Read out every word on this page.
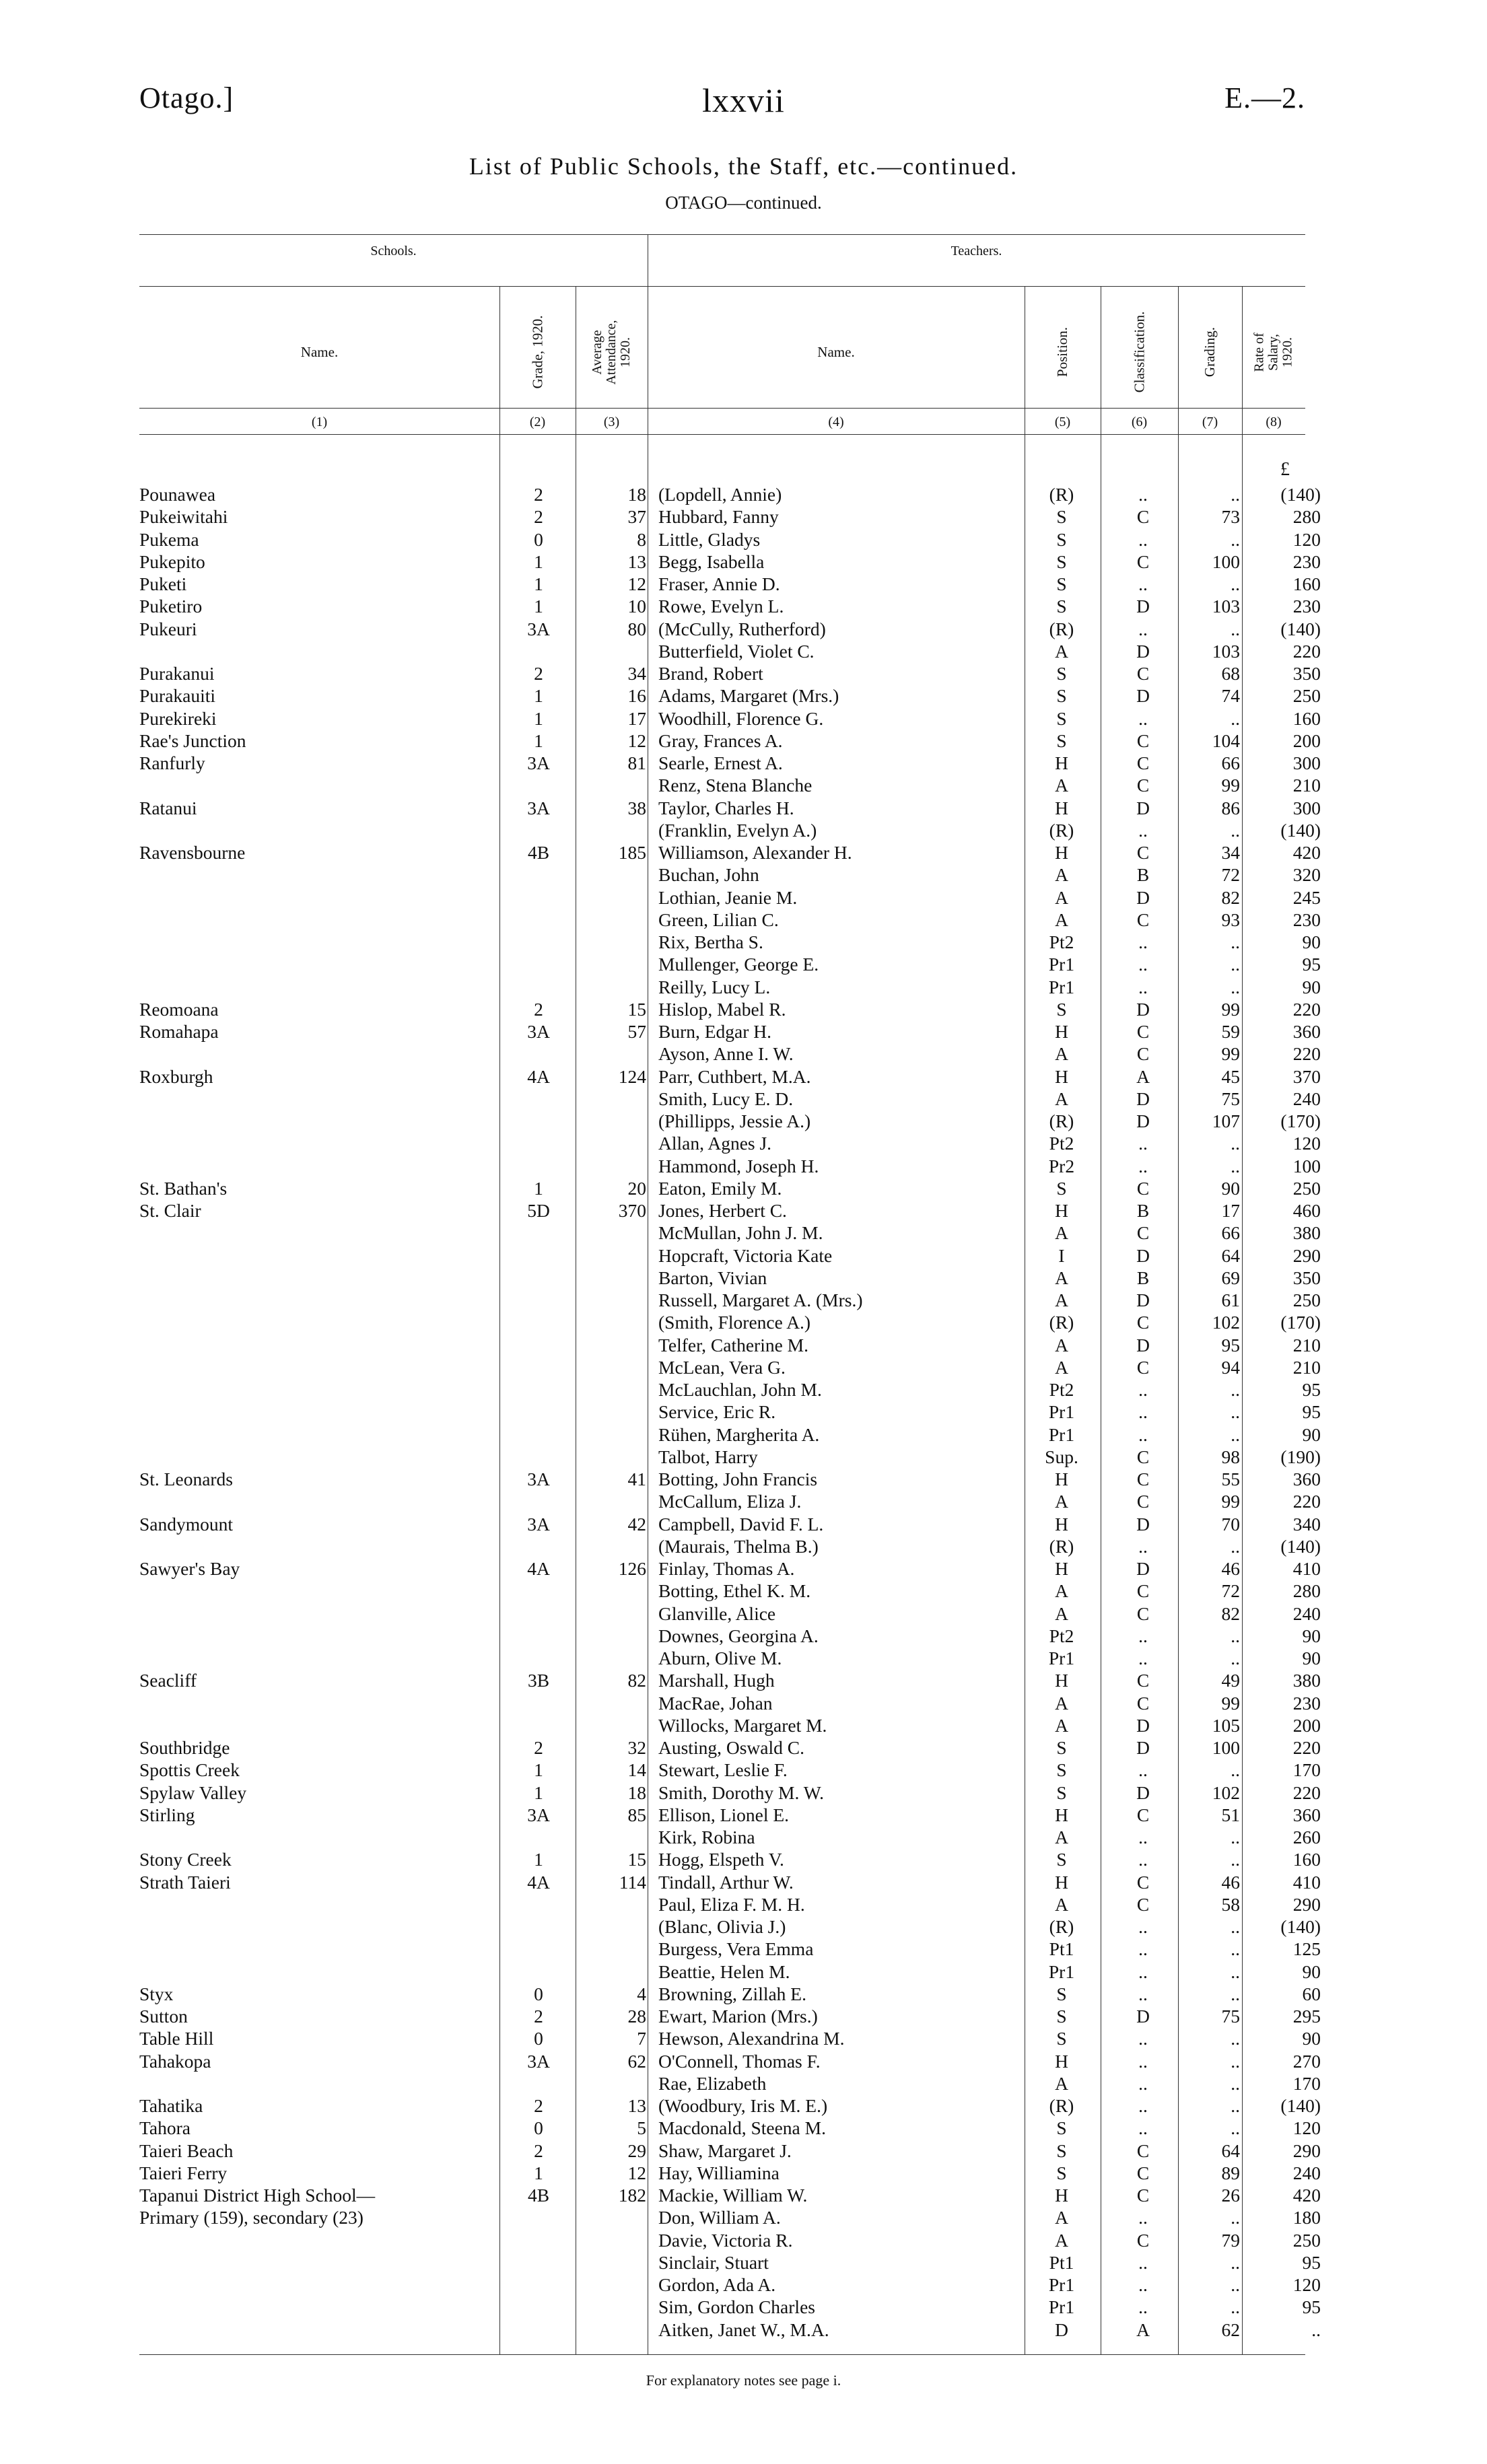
Otago.]	lxxvii	E.—2.
List of Public Schools, the Staff, etc.—continued.
OTAGO—continued.
Schools.	Teachers.
Name.	Grade, 1920.	Average Attendance, 1920.	Name.	Position.	Classification.	Grading.	Rate of Salary, 1920.
(1)	(2)	(3)	(4)	(5)	(6)	(7)	(8)
£
Pounawea	2	18 (Lopdell, Annie)	(R)	..	..	(140)
Pukeiwitahi	2	37 Hubbard, Fanny	S	C	73	280
Pukema	0	8 Little, Gladys	S	..	..	120
Pukepito	1	13 Begg, Isabella	S	C	100	230
Puketi	1	12 Fraser, Annie D.	S	..	..	160
Puketiro	1	10 Rowe, Evelyn L.	S	D	103	230
Pukeuri	3A	80 (McCully, Rutherford)	(R)	..	..	(140)
Butterfield, Violet C.	A	D	103	220
Purakanui	2	34 Brand, Robert	S	C	68	350
Purakauiti	1	16 Adams, Margaret (Mrs.)	S	D	74	250
Purekireki	1	17 Woodhill, Florence G.	S	..	..	160
Rae's Junction	1	12 Gray, Frances A.	S	C	104	200
Ranfurly	3A	81 Searle, Ernest A.	H	C	66	300
Renz, Stena Blanche	A	C	99	210
Ratanui	3A	38 Taylor, Charles H.	H	D	86	300
(Franklin, Evelyn A.)	(R)	..	..	(140)
Ravensbourne	4B	185 Williamson, Alexander H.	H	C	34	420
Buchan, John	A	B	72	320
Lothian, Jeanie M.	A	D	82	245
Green, Lilian C.	A	C	93	230
Rix, Bertha S.	Pt2	..	..	90
Mullenger, George E.	Pr1	..	..	95
Reilly, Lucy L.	Pr1	..	..	90
Reomoana	2	15 Hislop, Mabel R.	S	D	99	220
Romahapa	3A	57 Burn, Edgar H.	H	C	59	360
Ayson, Anne I. W.	A	C	99	220
Roxburgh	4A	124 Parr, Cuthbert, M.A.	H	A	45	370
Smith, Lucy E. D.	A	D	75	240
(Phillipps, Jessie A.)	(R)	D	107	(170)
Allan, Agnes J.	Pt2	..	..	120
Hammond, Joseph H.	Pr2	..	..	100
St. Bathan's	1	20 Eaton, Emily M.	S	C	90	250
St. Clair	5D	370 Jones, Herbert C.	H	B	17	460
McMullan, John J. M.	A	C	66	380
Hopcraft, Victoria Kate	I	D	64	290
Barton, Vivian	A	B	69	350
Russell, Margaret A. (Mrs.)	A	D	61	250
(Smith, Florence A.)	(R)	C	102	(170)
Telfer, Catherine M.	A	D	95	210
McLean, Vera G.	A	C	94	210
McLauchlan, John M.	Pt2	..	..	95
Service, Eric R.	Pr1	..	..	95
Rühen, Margherita A.	Pr1	..	..	90
Talbot, Harry	Sup.	C	98	(190)
St. Leonards	3A	41 Botting, John Francis	H	C	55	360
McCallum, Eliza J.	A	C	99	220
Sandymount	3A	42 Campbell, David F. L.	H	D	70	340
(Maurais, Thelma B.)	(R)	..	..	(140)
Sawyer's Bay	4A	126 Finlay, Thomas A.	H	D	46	410
Botting, Ethel K. M.	A	C	72	280
Glanville, Alice	A	C	82	240
Downes, Georgina A.	Pt2	..	..	90
Aburn, Olive M.	Pr1	..	..	90
Seacliff	3B	82 Marshall, Hugh	H	C	49	380
MacRae, Johan	A	C	99	230
Willocks, Margaret M.	A	D	105	200
Southbridge	2	32 Austing, Oswald C.	S	D	100	220
Spottis Creek	1	14 Stewart, Leslie F.	S	..	..	170
Spylaw Valley	1	18 Smith, Dorothy M. W.	S	D	102	220
Stirling	3A	85 Ellison, Lionel E.	H	C	51	360
Kirk, Robina	A	..	..	260
Stony Creek	1	15 Hogg, Elspeth V.	S	..	..	160
Strath Taieri	4A	114 Tindall, Arthur W.	H	C	46	410
Paul, Eliza F. M. H.	A	C	58	290
(Blanc, Olivia J.)	(R)	..	..	(140)
Burgess, Vera Emma	Pt1	..	..	125
Beattie, Helen M.	Pr1	..	..	90
Styx	0	4 Browning, Zillah E.	S	..	..	60
Sutton	2	28 Ewart, Marion (Mrs.)	S	D	75	295
Table Hill	0	7 Hewson, Alexandrina M.	S	..	..	90
Tahakopa	3A	62 O'Connell, Thomas F.	H	..	..	270
Rae, Elizabeth	A	..	..	170
Tahatika	2	13 (Woodbury, Iris M. E.)	(R)	..	..	(140)
Tahora	0	5 Macdonald, Steena M.	S	..	..	120
Taieri Beach	2	29 Shaw, Margaret J.	S	C	64	290
Taieri Ferry	1	12 Hay, Williamina	S	C	89	240
Tapanui District High School—	4B	182 Mackie, William W.	H	C	26	420
Primary (159), secondary (23)	Don, William A.	A	..	..	180
Davie, Victoria R.	A	C	79	250
Sinclair, Stuart	Pt1	..	..	95
Gordon, Ada A.	Pr1	..	..	120
Sim, Gordon Charles	Pr1	..	..	95
Aitken, Janet W., M.A.	D	A	62	..
For explanatory notes see page i.
